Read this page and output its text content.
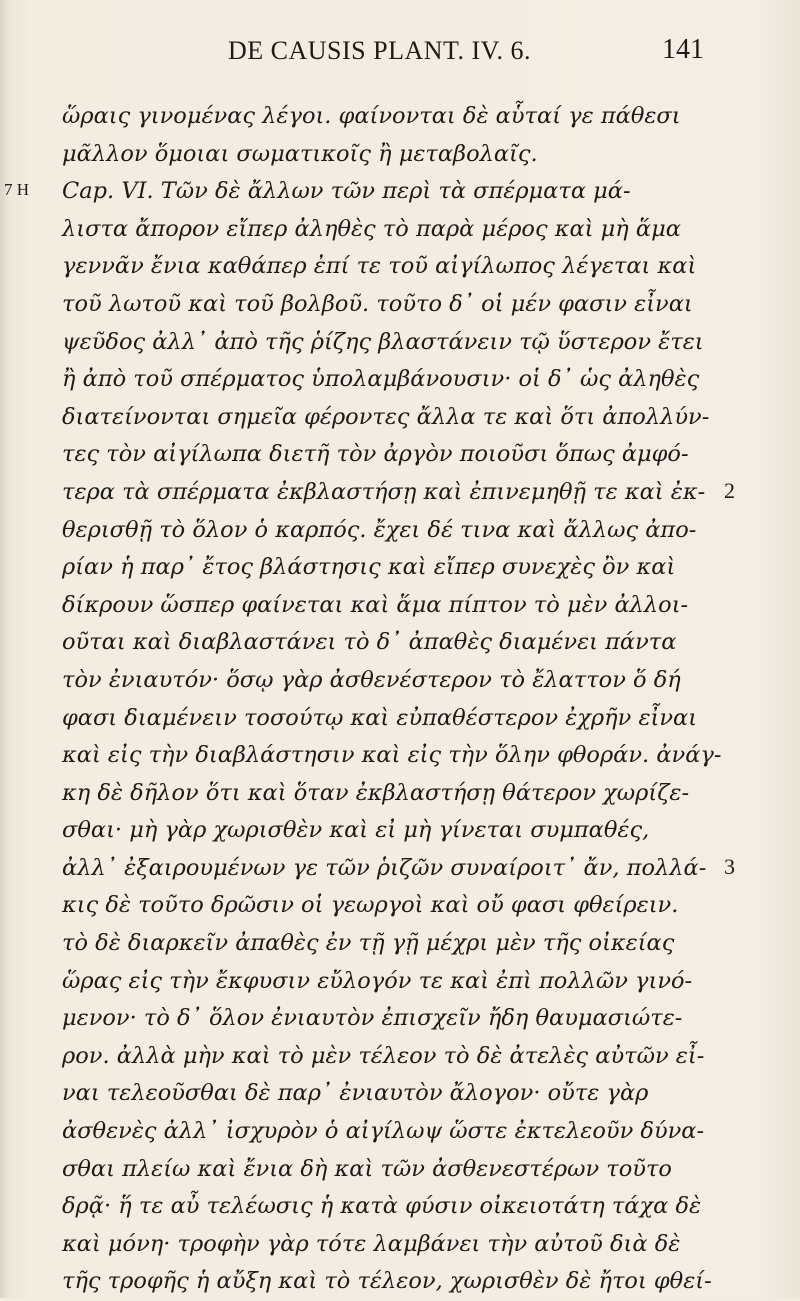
DE CAUSIS PLANT. IV. 6.	141
7 H
2
3
ὥραις γινομένας λέγοι. φαίνονται δὲ αὗταί γε πάθεσι
μᾶλλον ὅμοιαι σωματικοῖς ἢ μεταβολαῖς.
Cap. VI. Τῶν δὲ ἄλλων τῶν περὶ τὰ σπέρματα μά-
λιστα ἄπορον εἴπερ ἀληθὲς τὸ παρὰ μέρος καὶ μὴ ἅμα
γεννᾶν ἔνια καθάπερ ἐπί τε τοῦ αἰγίλωπος λέγεται καὶ
τοῦ λωτοῦ καὶ τοῦ βολβοῦ. τοῦτο δ᾽ οἱ μέν φασιν εἶναι
ψεῦδος ἀλλ᾽ ἀπὸ τῆς ῥίζης βλαστάνειν τῷ ὕστερον ἔτει
ἢ ἀπὸ τοῦ σπέρματος ὑπολαμβάνουσιν· οἱ δ᾽ ὡς ἀληθὲς
διατείνονται σημεῖα φέροντες ἄλλα τε καὶ ὅτι ἀπολλύν-
τες τὸν αἰγίλωπα διετῆ τὸν ἀργὸν ποιοῦσι ὅπως ἀμφό-
τερα τὰ σπέρματα ἐκβλαστήσῃ καὶ ἐπινεμηθῇ τε καὶ ἐκ-
θερισθῇ τὸ ὅλον ὁ καρπός. ἔχει δέ τινα καὶ ἄλλως ἀπο-
ρίαν ἡ παρ᾽ ἔτος βλάστησις καὶ εἴπερ συνεχὲς ὂν καὶ
δίκρουν ὥσπερ φαίνεται καὶ ἅμα πίπτον τὸ μὲν ἀλλοι-
οῦται καὶ διαβλαστάνει τὸ δ᾽ ἀπαθὲς διαμένει πάντα
τὸν ἐνιαυτόν· ὅσῳ γὰρ ἀσθενέστερον τὸ ἔλαττον ὅ δή
φασι διαμένειν τοσούτῳ καὶ εὐπαθέστερον ἐχρῆν εἶναι
καὶ εἰς τὴν διαβλάστησιν καὶ εἰς τὴν ὅλην φθοράν. ἀνάγ-
κη δὲ δῆλον ὅτι καὶ ὅταν ἐκβλαστήσῃ θάτερον χωρίζε-
σθαι· μὴ γὰρ χωρισθὲν καὶ εἰ μὴ γίνεται συμπαθές,
ἀλλ᾽ ἐξαιρουμένων γε τῶν ῥιζῶν συναίροιτ᾽ ἄν, πολλά-
κις δὲ τοῦτο δρῶσιν οἱ γεωργοὶ καὶ οὔ φασι φθείρειν.
τὸ δὲ διαρκεῖν ἀπαθὲς ἐν τῇ γῇ μέχρι μὲν τῆς οἰκείας
ὥρας εἰς τὴν ἔκφυσιν εὔλογόν τε καὶ ἐπὶ πολλῶν γινό-
μενον· τὸ δ᾽ ὅλον ἐνιαυτὸν ἐπισχεῖν ἤδη θαυμασιώτε-
ρον. ἀλλὰ μὴν καὶ τὸ μὲν τέλεον τὸ δὲ ἀτελὲς αὐτῶν εἶ-
ναι τελεοῦσθαι δὲ παρ᾽ ἐνιαυτὸν ἄλογον· οὔτε γὰρ
ἀσθενὲς ἀλλ᾽ ἰσχυρὸν ὁ αἰγίλωψ ὥστε ἐκτελεοῦν δύνα-
σθαι πλείω καὶ ἔνια δὴ καὶ τῶν ἀσθενεστέρων τοῦτο
δρᾷ· ἥ τε αὖ τελέωσις ἡ κατὰ φύσιν οἰκειοτάτη τάχα δὲ
καὶ μόνη· τροφὴν γὰρ τότε λαμβάνει τὴν αὐτοῦ διὰ δὲ
τῆς τροφῆς ἡ αὔξη καὶ τὸ τέλεον, χωρισθὲν δὲ ἤτοι φθεί-
